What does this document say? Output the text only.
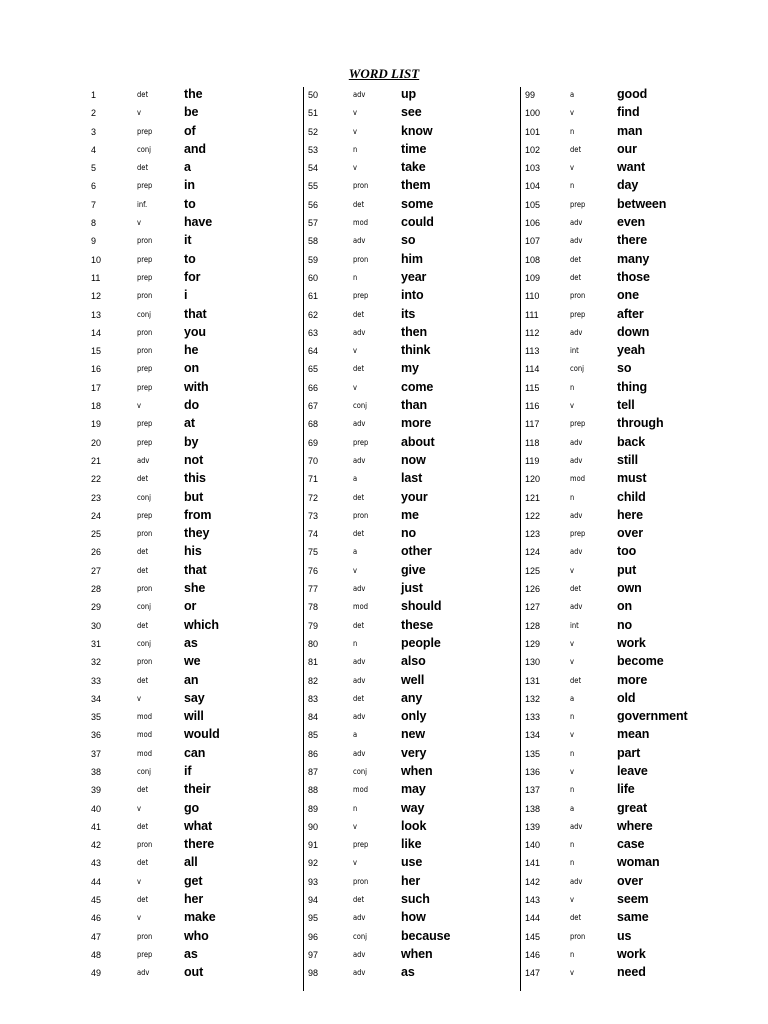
WORD LIST
1	det	the
2	v	be
3	prep	of
4	conj	and
5	det	a
6	prep	in
7	inf.	to
8	v	have
9	pron	it
10	prep	to
11	prep	for
12	pron	i
13	conj	that
14	pron	you
15	pron	he
16	prep	on
17	prep	with
18	v	do
19	prep	at
20	prep	by
21	adv	not
22	det	this
23	conj	but
24	prep	from
25	pron	they
26	det	his
27	det	that
28	pron	she
29	conj	or
30	det	which
31	conj	as
32	pron	we
33	det	an
34	v	say
35	mod	will
36	mod	would
37	mod	can
38	conj	if
39	det	their
40	v	go
41	det	what
42	pron	there
43	det	all
44	v	get
45	det	her
46	v	make
47	pron	who
48	prep	as
49	adv	out
50	adv	up
51	v	see
52	v	know
53	n	time
54	v	take
55	pron	them
56	det	some
57	mod	could
58	adv	so
59	pron	him
60	n	year
61	prep	into
62	det	its
63	adv	then
64	v	think
65	det	my
66	v	come
67	conj	than
68	adv	more
69	prep	about
70	adv	now
71	a	last
72	det	your
73	pron	me
74	det	no
75	a	other
76	v	give
77	adv	just
78	mod	should
79	det	these
80	n	people
81	adv	also
82	adv	well
83	det	any
84	adv	only
85	a	new
86	adv	very
87	conj	when
88	mod	may
89	n	way
90	v	look
91	prep	like
92	v	use
93	pron	her
94	det	such
95	adv	how
96	conj	because
97	adv	when
98	adv	as
99	a	good
100	v	find
101	n	man
102	det	our
103	v	want
104	n	day
105	prep	between
106	adv	even
107	adv	there
108	det	many
109	det	those
110	pron	one
111	prep	after
112	adv	down
113	int	yeah
114	conj	so
115	n	thing
116	v	tell
117	prep	through
118	adv	back
119	adv	still
120	mod	must
121	n	child
122	adv	here
123	prep	over
124	adv	too
125	v	put
126	det	own
127	adv	on
128	int	no
129	v	work
130	v	become
131	det	more
132	a	old
133	n	government
134	v	mean
135	n	part
136	v	leave
137	n	life
138	a	great
139	adv	where
140	n	case
141	n	woman
142	adv	over
143	v	seem
144	det	same
145	pron	us
146	n	work
147	v	need
